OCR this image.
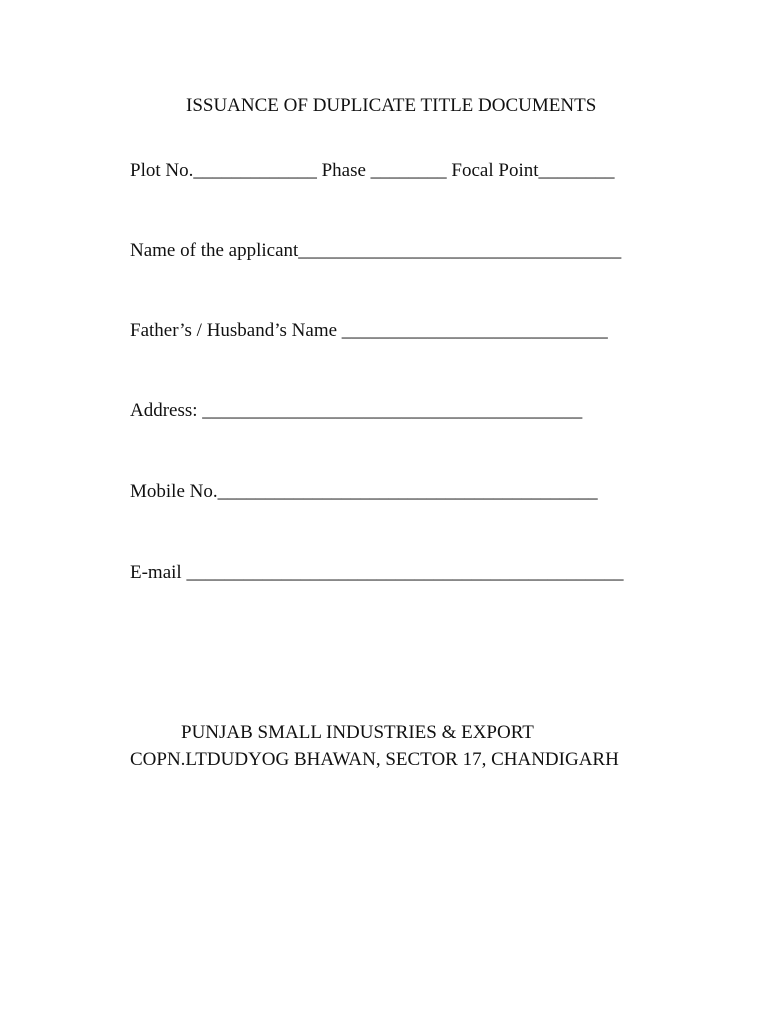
ISSUANCE OF DUPLICATE TITLE DOCUMENTS
Plot No._____________ Phase ________ Focal Point________
Name of the applicant__________________________________
Father’s / Husband’s Name ____________________________
Address: ________________________________________
Mobile No.________________________________________
E-mail ______________________________________________
PUNJAB SMALL INDUSTRIES & EXPORT
COPN.LTDUDYOG BHAWAN, SECTOR 17, CHANDIGARH
